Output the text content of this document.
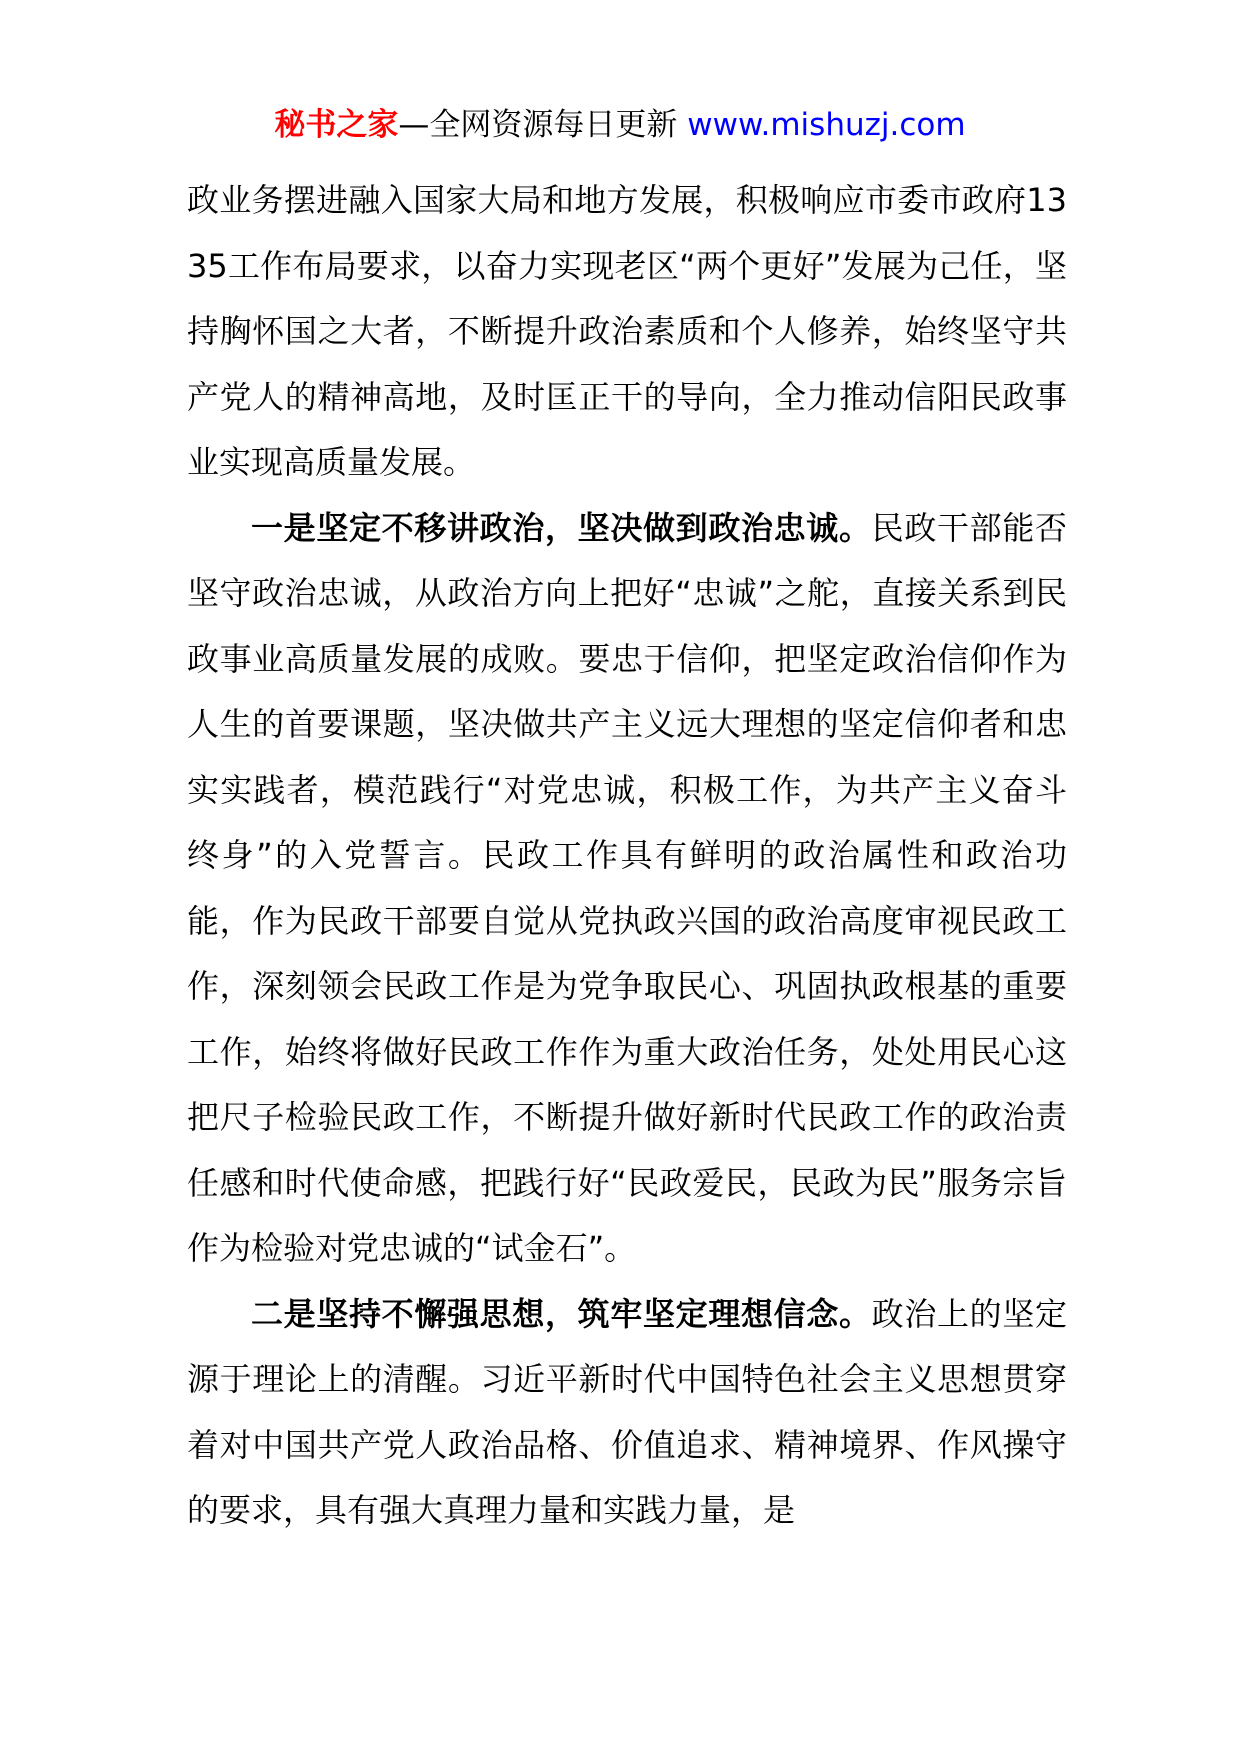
秘书之家—全网资源每日更新 www.mishuzj.com

政业务摆进融入国家大局和地方发展，积极响应市委市政府1335工作布局要求，以奋力实现老区“两个更好”发展为己任，坚持胸怀国之大者，不断提升政治素质和个人修养，始终坚守共产党人的精神高地，及时匡正干的导向，全力推动信阳民政事业实现高质量发展。

一是坚定不移讲政治，坚决做到政治忠诚。民政干部能否坚守政治忠诚，从政治方向上把好“忠诚”之舵，直接关系到民政事业高质量发展的成败。要忠于信仰，把坚定政治信仰作为人生的首要课题，坚决做共产主义远大理想的坚定信仰者和忠实实践者，模范践行“对党忠诚，积极工作，为共产主义奋斗终身”的入党誓言。民政工作具有鲜明的政治属性和政治功能，作为民政干部要自觉从党执政兴国的政治高度审视民政工作，深刻领会民政工作是为党争取民心、巩固执政根基的重要工作，始终将做好民政工作作为重大政治任务，处处用民心这把尺子检验民政工作，不断提升做好新时代民政工作的政治责任感和时代使命感，把践行好“民政爱民，民政为民”服务宗旨作为检验对党忠诚的“试金石”。

二是坚持不懈强思想，筑牢坚定理想信念。政治上的坚定源于理论上的清醒。习近平新时代中国特色社会主义思想贯穿着对中国共产党人政治品格、价值追求、精神境界、作风操守的要求，具有强大真理力量和实践力量，是
